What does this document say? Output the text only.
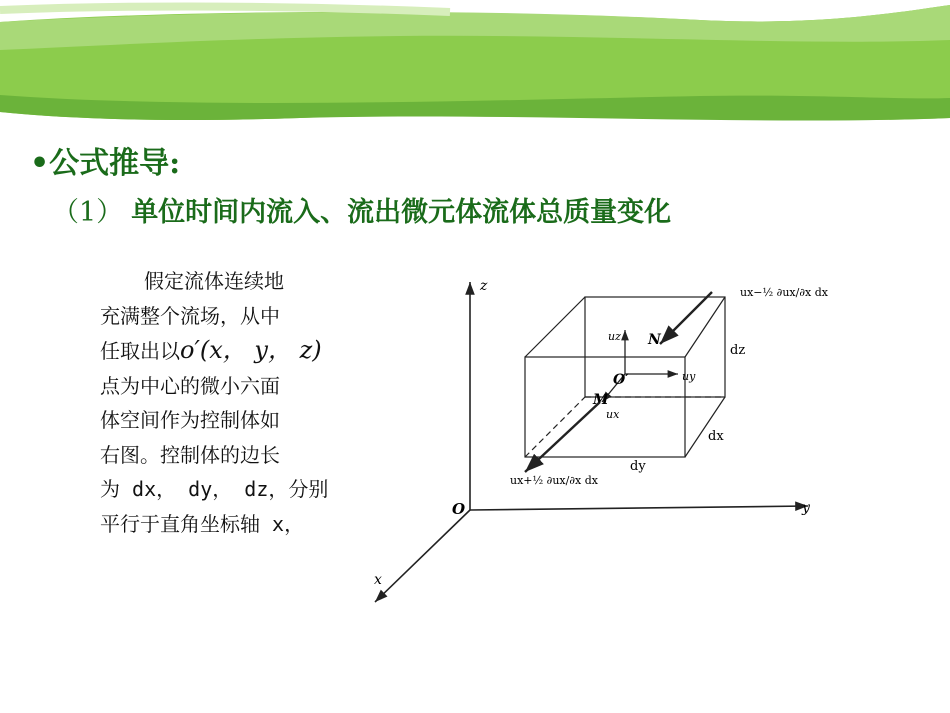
•公式推导:
（1） 单位时间内流入、流出微元体流体总质量变化
假定流体连续地
充满整个流场，从中
任取出以o′(x， y， z)
点为中心的微小六面
体空间作为控制体如
右图。控制体的边长
为 dx， dy， dz，分别
平行于直角坐标轴 x，
z
y
x
O
uz
uy
ux
O′
N
M
dz
dx
dy
ux−½ ∂ux/∂x dx
ux+½ ∂ux/∂x dx
